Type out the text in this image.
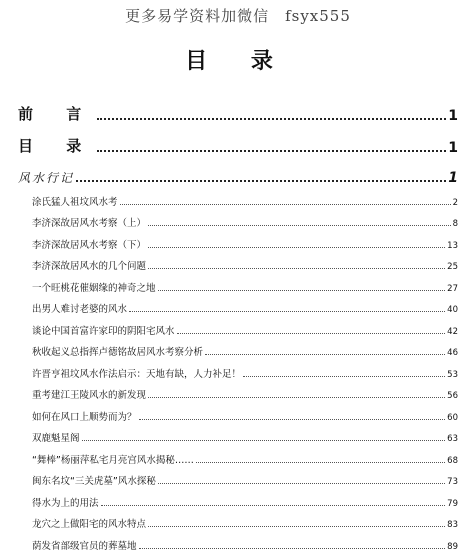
更多易学资料加微信　fsyx555
目 录
前 言	1
目 录	1
风水行记	1
涂氏猛人祖坟风水考	2
李济深故居风水考察（上）	8
李济深故居风水考察（下）	13
李济深故居风水的几个问题	25
一个旺桃花催姻缘的神奇之地	27
出男人难讨老婆的风水	40
谈论中国首富许家印的阴阳宅风水	42
秋收起义总指挥卢德铭故居风水考察分析	46
许晋亨祖坟风水作法启示：天地有缺，人力补足！	53
重考建江王陵风水的新发现	56
如何在风口上顺势而为？	60
双鹿魁星阁	63
“舞棒”杨丽萍私宅月亮宫风水揭秘……	68
闽东名坟“三关虎墓”风水探秘	73
得水为上的用法	79
龙穴之上做阳宅的风水特点	83
荫发省部级官员的葬墓地	89
